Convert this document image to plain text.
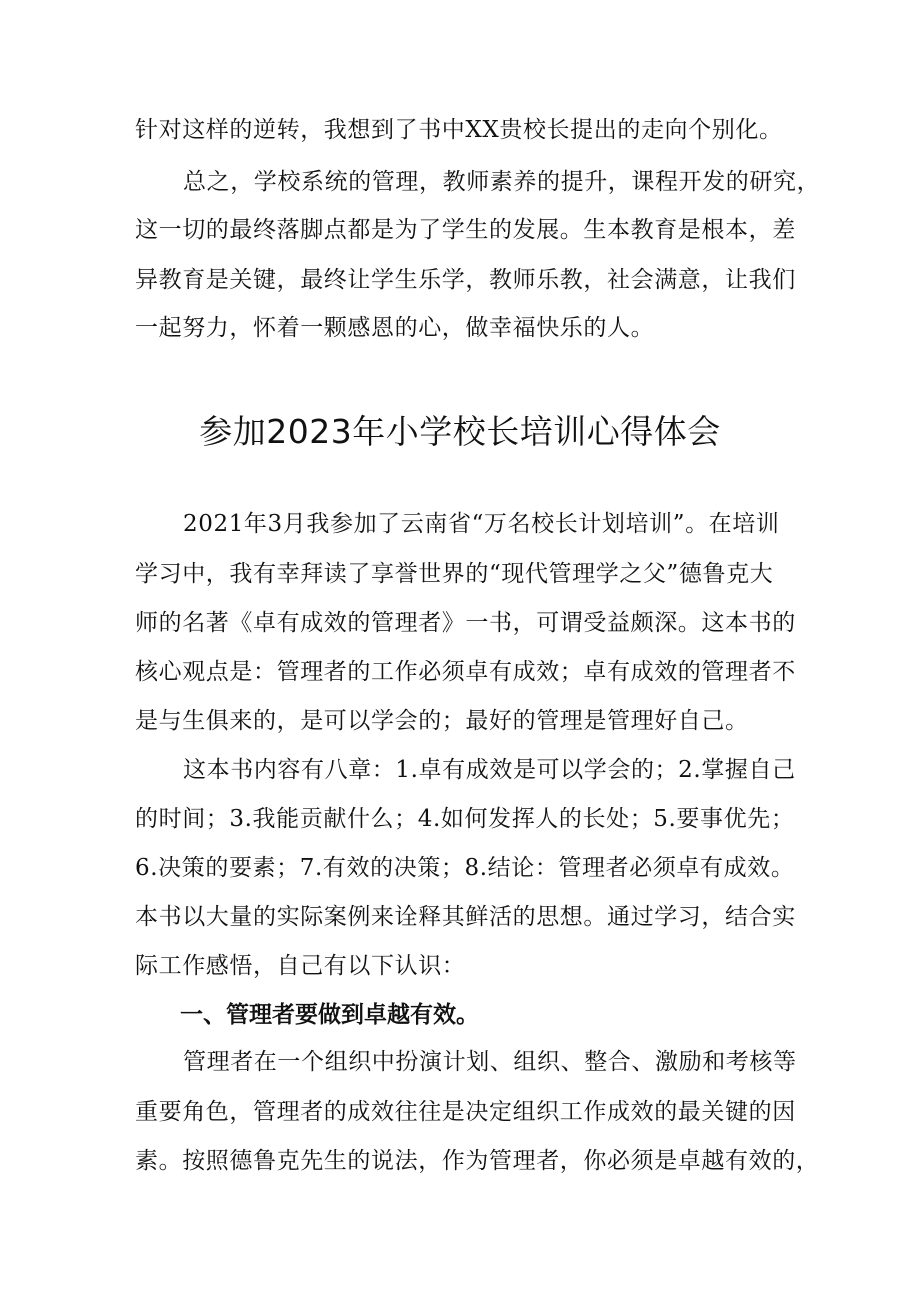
针对这样的逆转，我想到了书中XX贵校长提出的走向个别化。
总之，学校系统的管理，教师素养的提升，课程开发的研究，
这一切的最终落脚点都是为了学生的发展。生本教育是根本，差
异教育是关键，最终让学生乐学，教师乐教，社会满意，让我们
一起努力，怀着一颗感恩的心，做幸福快乐的人。
参加2023年小学校长培训心得体会
2021年3月我参加了云南省“万名校长计划培训”。在培训
学习中，我有幸拜读了享誉世界的“现代管理学之父”德鲁克大
师的名著《卓有成效的管理者》一书，可谓受益颇深。这本书的
核心观点是：管理者的工作必须卓有成效；卓有成效的管理者不
是与生俱来的，是可以学会的；最好的管理是管理好自己。
这本书内容有八章：1.卓有成效是可以学会的；2.掌握自己
的时间；3.我能贡献什么；4.如何发挥人的长处；5.要事优先；
6.决策的要素；7.有效的决策；8.结论：管理者必须卓有成效。
本书以大量的实际案例来诠释其鲜活的思想。通过学习，结合实
际工作感悟，自己有以下认识：
一、管理者要做到卓越有效。
管理者在一个组织中扮演计划、组织、整合、激励和考核等
重要角色，管理者的成效往往是决定组织工作成效的最关键的因
素。按照德鲁克先生的说法，作为管理者，你必须是卓越有效的，
